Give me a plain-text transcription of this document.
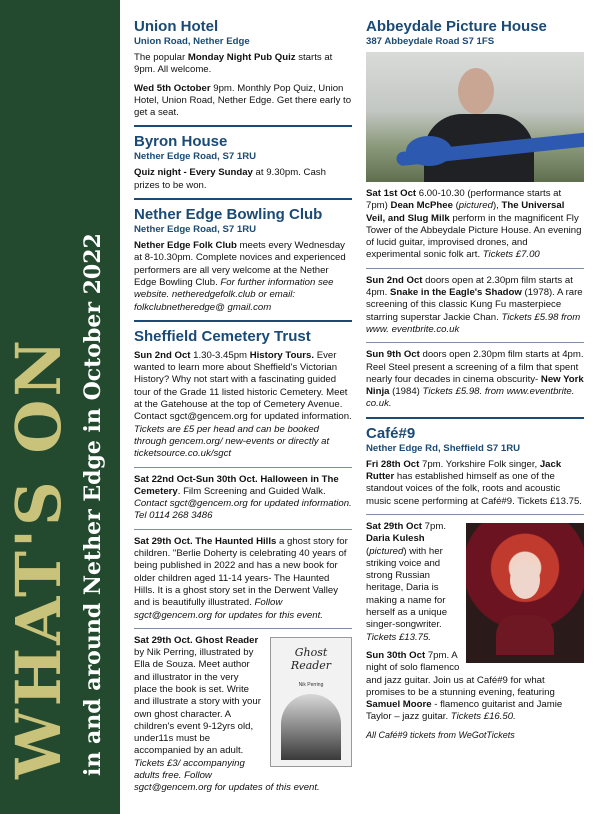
WHAT'S ON in and around Nether Edge in October 2022
Union Hotel
Union Road, Nether Edge

The popular Monday Night Pub Quiz starts at 9pm. All welcome.

Wed 5th October 9pm. Monthly Pop Quiz, Union Hotel, Union Road, Nether Edge. Get there early to get a seat.

Byron House
Nether Edge Road, S7 1RU

Quiz night - Every Sunday at 9.30pm. Cash prizes to be won.

Nether Edge Bowling Club
Nether Edge Road, S7 1RU

Nether Edge Folk Club meets every Wednesday at 8-10.30pm. Complete novices and experienced performers are all very welcome at the Nether Edge Bowling Club. For further information see website. netheredgefolk.club or email: folkclubnetheredge@ gmail.com

Sheffield Cemetery Trust

Sun 2nd Oct 1.30-3.45pm History Tours. Ever wanted to learn more about Sheffield's Victorian History? Why not start with a fascinating guided tour of the Grade 11 listed historic Cemetery. Meet at the Gatehouse at the top of Cemetery Avenue. Contact sgct@gencem.org for updated information. Tickets are £5 per head and can be booked through gencem.org/ new-events or directly at ticketsource.co.uk/sgct

Sat 22nd Oct-Sun 30th Oct. Halloween in The Cemetery. Film Screening and Guided Walk. Contact sgct@gencem.org for updated information. Tel 0114 268 3486

Sat 29th Oct. The Haunted Hills a ghost story for children. "Berlie Doherty is celebrating 40 years of being published in 2022 and has a new book for older children aged 11-14 years- The Haunted Hills. It is a ghost story set in the Derwent Valley and is beautifully illustrated. Follow sgct@gencem.org for updates for this event.

Ghost Reader
Nik Perring

Sat 29th Oct. Ghost Reader by Nik Perring, illustrated by Ella de Souza. Meet author and illustrator in the very place the book is set. Write and illustrate a story with your own ghost character. A children's event 9-12yrs old, under11s must be accompanied by an adult. Tickets £3/ accompanying adults free. Follow sgct@gencem.org for updates of this event.

Abbeydale Picture House
387 Abbeydale Road S7 1FS

Sat 1st Oct 6.00-10.30 (performance starts at 7pm) Dean McPhee (pictured), The Universal Veil, and Slug Milk perform in the magnificent Fly Tower of the Abbeydale Picture House. An evening of lucid guitar, improvised drones, and experimental sonic folk art. Tickets £7.00

Sun 2nd Oct doors open at 2.30pm film starts at 4pm. Snake in the Eagle's Shadow (1978). A rare screening of this classic Kung Fu masterpiece starring superstar Jackie Chan. Tickets £5.98 from www. eventbrite.co.uk

Sun 9th Oct doors open 2.30pm film starts at 4pm. Reel Steel present a screening of a film that spent nearly four decades in cinema obscurity- New York Ninja (1984) Tickets £5.98. from www.eventbrite. co.uk.

Café#9
Nether Edge Rd, Sheffield S7 1RU

Fri 28th Oct 7pm. Yorkshire Folk singer, Jack Rutter has established himself as one of the standout voices of the folk, roots and acoustic music scene performing at Café#9. Tickets £13.75.

Sat 29th Oct 7pm. Daria Kulesh (pictured) with her striking voice and strong Russian heritage, Daria is making a name for herself as a unique singer-songwriter. Tickets £13.75.

Sun 30th Oct 7pm. A night of solo flamenco and jazz guitar. Join us at Café#9 for what promises to be a stunning evening, featuring Samuel Moore - flamenco guitarist and Jamie Taylor – jazz guitar. Tickets £16.50.

All Café#9 tickets from WeGotTickets
